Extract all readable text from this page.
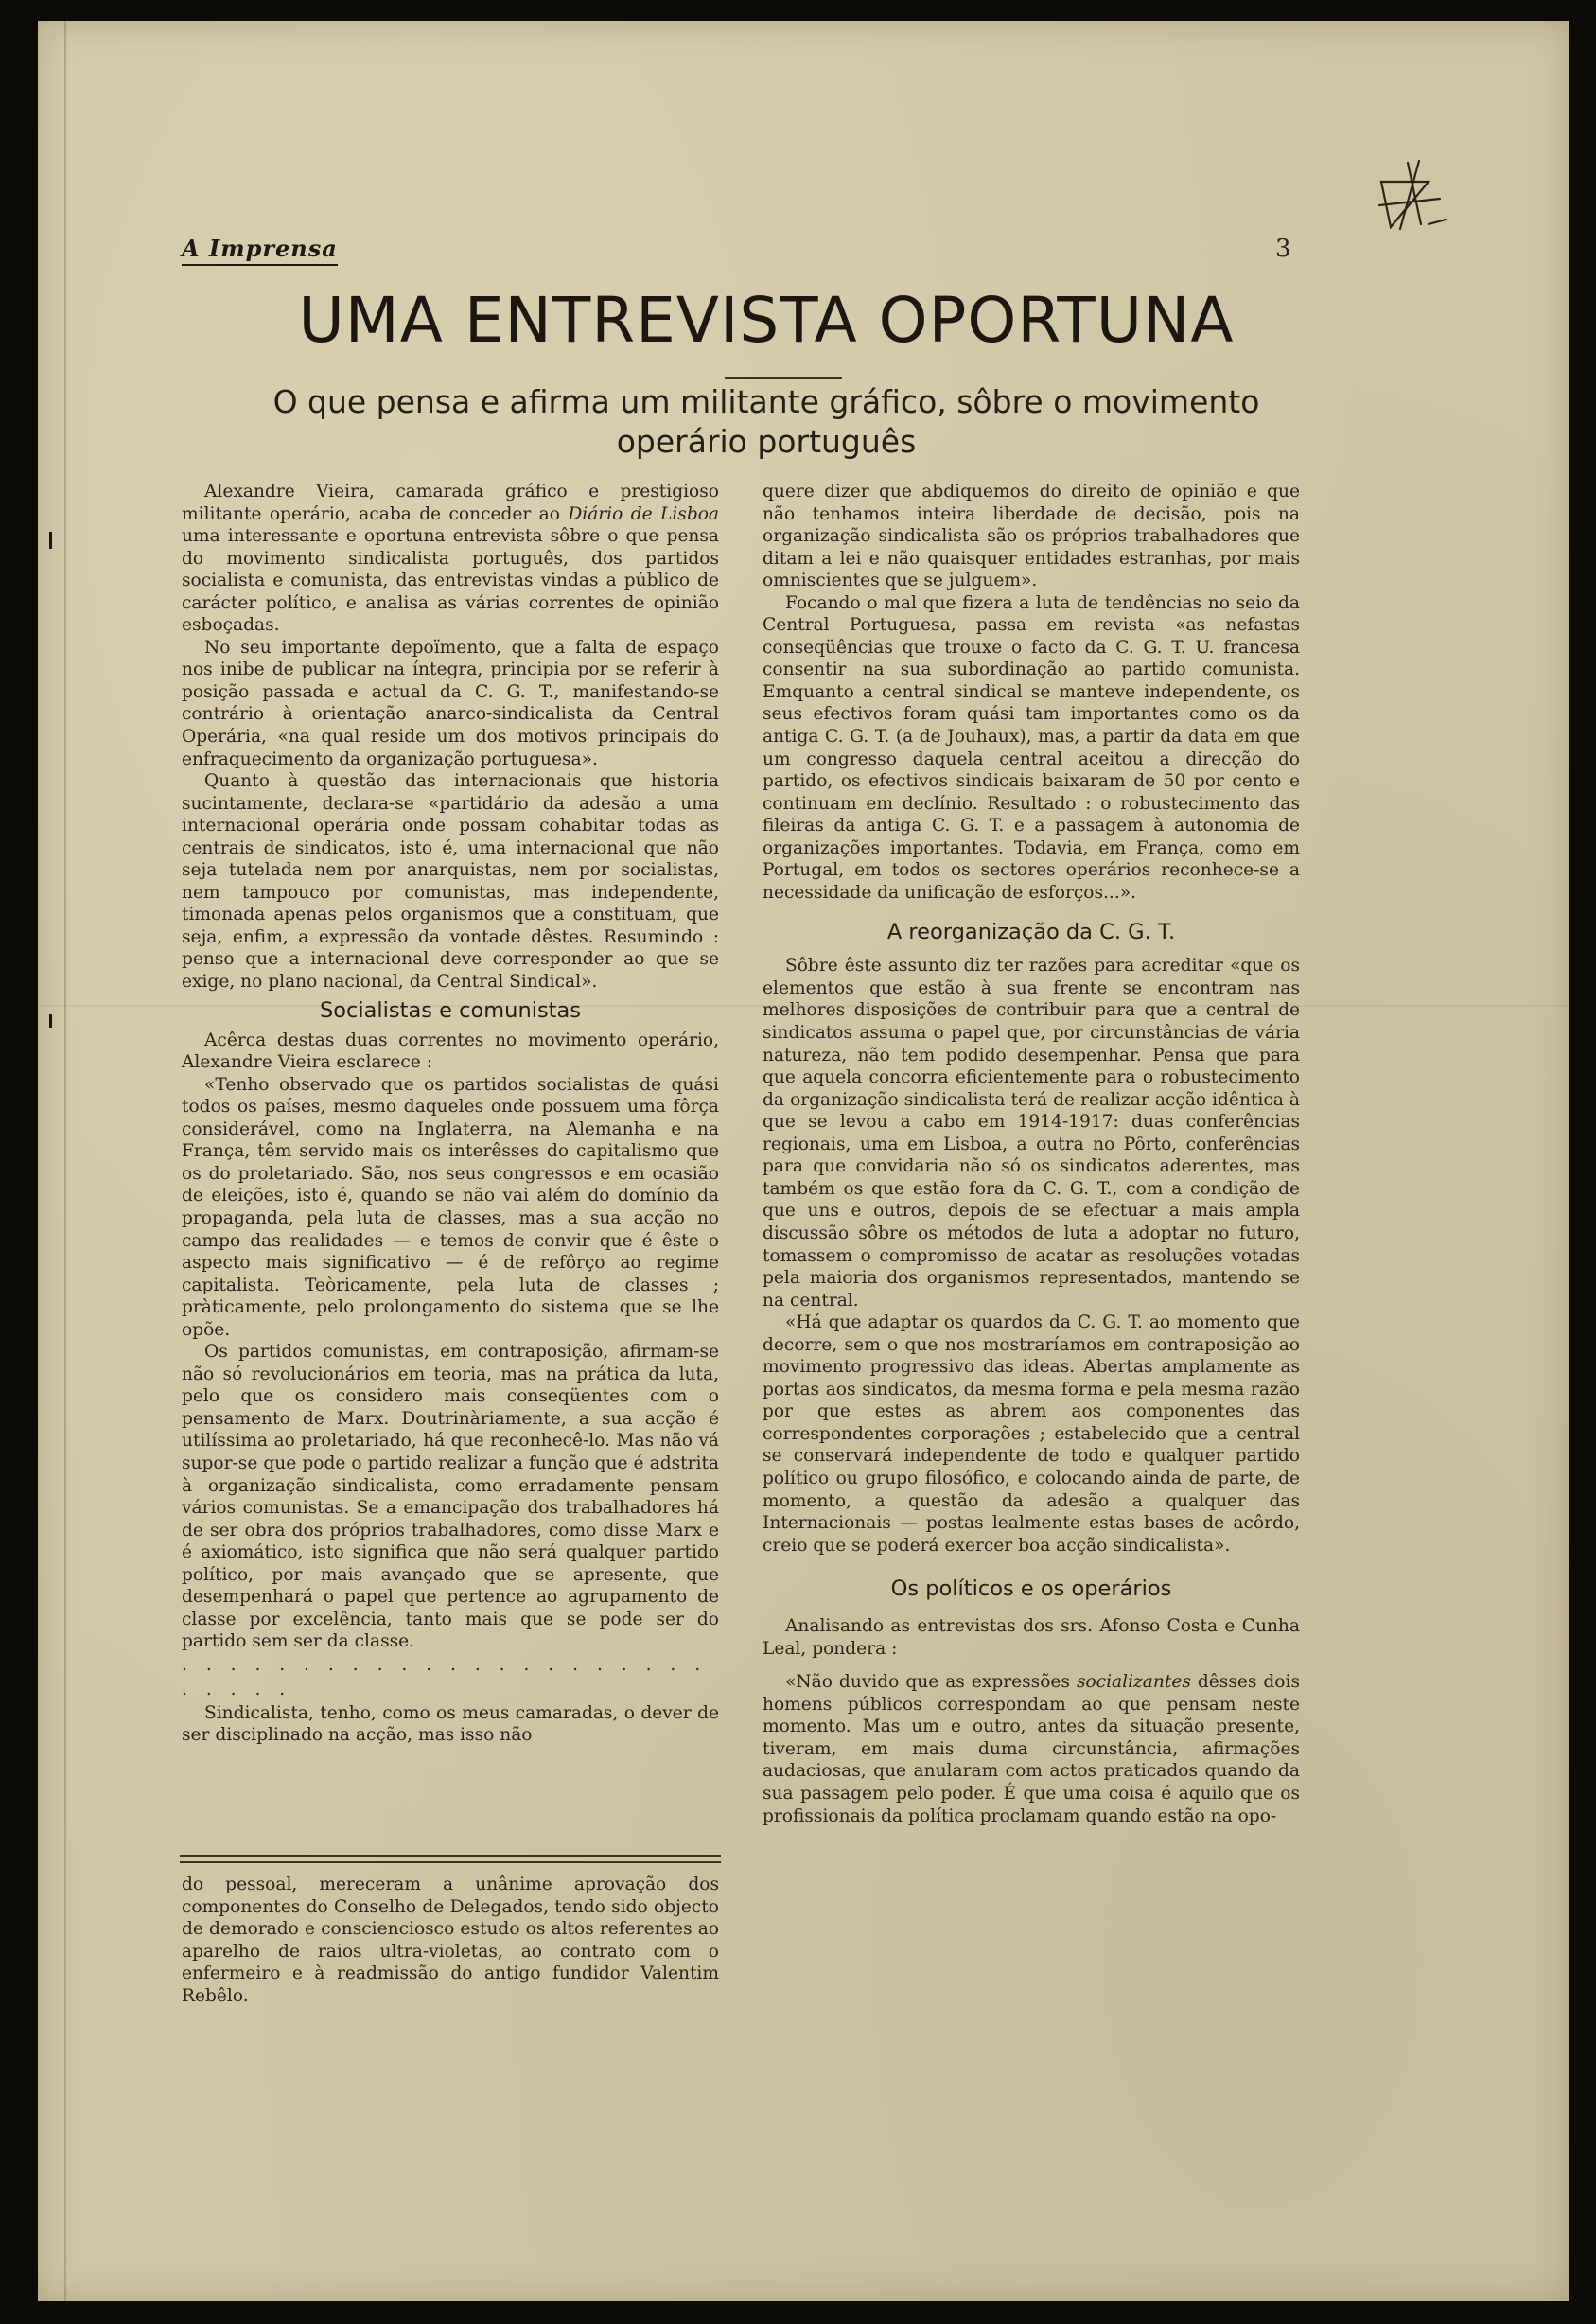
A Imprensa	3
UMA ENTREVISTA OPORTUNA
O que pensa e afirma um militante gráfico, sôbre o movimento operário português

Alexandre Vieira, camarada gráfico e prestigioso militante operário, acaba de conceder ao Diário de Lisboa uma interessante e oportuna entrevista sôbre o que pensa do movimento sindicalista português, dos partidos socialista e comunista, das entrevistas vindas a público de carácter político, e analisa as várias correntes de opinião esboçadas.

No seu importante depoïmento, que a falta de espaço nos inibe de publicar na íntegra, principia por se referir à posição passada e actual da C. G. T., manifestando-se contrário à orientação anarco-sindicalista da Central Operária, «na qual reside um dos motivos principais do enfraquecimento da organização portuguesa».

Quanto à questão das internacionais que historia sucintamente, declara-se «partidário da adesão a uma internacional operária onde possam cohabitar todas as centrais de sindicatos, isto é, uma internacional que não seja tutelada nem por anarquistas, nem por socialistas, nem tampouco por comunistas, mas independente, timonada apenas pelos organismos que a constituam, que seja, enfim, a expressão da vontade dêstes. Resumindo : penso que a internacional deve corresponder ao que se exige, no plano nacional, da Central Sindical».

Socialistas e comunistas

Acêrca destas duas correntes no movimento operário, Alexandre Vieira esclarece :

«Tenho observado que os partidos socialistas de quási todos os países, mesmo daqueles onde possuem uma fôrça considerável, como na Inglaterra, na Alemanha e na França, têm servido mais os interêsses do capitalismo que os do proletariado. São, nos seus congressos e em ocasião de eleições, isto é, quando se não vai além do domínio da propaganda, pela luta de classes, mas a sua acção no campo das realidades — e temos de convir que é êste o aspecto mais significativo — é de refôrço ao regime capitalista. Teòricamente, pela luta de classes ; pràticamente, pelo prolongamento do sistema que se lhe opõe.

Os partidos comunistas, em contraposição, afirmam-se não só revolucionários em teoria, mas na prática da luta, pelo que os considero mais conseqüentes com o pensamento de Marx. Doutrinàriamente, a sua acção é utilíssima ao proletariado, há que reconhecê-lo. Mas não vá supor-se que pode o partido realizar a função que é adstrita à organização sindicalista, como erradamente pensam vários comunistas. Se a emancipação dos trabalhadores há de ser obra dos próprios trabalhadores, como disse Marx e é axiomático, isto significa que não será qualquer partido político, por mais avançado que se apresente, que desempenhará o papel que pertence ao agrupamento de classe por excelência, tanto mais que se pode ser do partido sem ser da classe.

. . . . . . . . . . . . . . . . . . . . . . . . . . .

Sindicalista, tenho, como os meus camaradas, o dever de ser disciplinado na acção, mas isso não

do pessoal, mereceram a unânime aprovação dos componentes do Conselho de Delegados, tendo sido objecto de demorado e conscienciosco estudo os altos referentes ao aparelho de raios ultra-violetas, ao contrato com o enfermeiro e à readmissão do antigo fundidor Valentim Rebêlo.

quere dizer que abdiquemos do direito de opinião e que não tenhamos inteira liberdade de decisão, pois na organização sindicalista são os próprios trabalhadores que ditam a lei e não quaisquer entidades estranhas, por mais omniscientes que se julguem».

Focando o mal que fizera a luta de tendências no seio da Central Portuguesa, passa em revista «as nefastas conseqüências que trouxe o facto da C. G. T. U. francesa consentir na sua subordinação ao partido comunista. Emquanto a central sindical se manteve independente, os seus efectivos foram quási tam importantes como os da antiga C. G. T. (a de Jouhaux), mas, a partir da data em que um congresso daquela central aceitou a direcção do partido, os efectivos sindicais baixaram de 50 por cento e continuam em declínio. Resultado : o robustecimento das fileiras da antiga C. G. T. e a passagem à autonomia de organizações importantes. Todavia, em França, como em Portugal, em todos os sectores operários reconhece-se a necessidade da unificação de esforços...».

A reorganização da C. G. T.

Sôbre êste assunto diz ter razões para acreditar «que os elementos que estão à sua frente se encontram nas melhores disposições de contribuir para que a central de sindicatos assuma o papel que, por circunstâncias de vária natureza, não tem podido desempenhar. Pensa que para que aquela concorra eficientemente para o robustecimento da organização sindicalista terá de realizar acção idêntica à que se levou a cabo em 1914-1917: duas conferências regionais, uma em Lisboa, a outra no Pôrto, conferências para que convidaria não só os sindicatos aderentes, mas também os que estão fora da C. G. T., com a condição de que uns e outros, depois de se efectuar a mais ampla discussão sôbre os métodos de luta a adoptar no futuro, tomassem o compromisso de acatar as resoluções votadas pela maioria dos organismos representados, mantendo se na central.

«Há que adaptar os quardos da C. G. T. ao momento que decorre, sem o que nos mostraríamos em contraposição ao movimento progressivo das ideas. Abertas amplamente as portas aos sindicatos, da mesma forma e pela mesma razão por que estes as abrem aos componentes das correspondentes corporações ; estabelecido que a central se conservará independente de todo e qualquer partido político ou grupo filosófico, e colocando ainda de parte, de momento, a questão da adesão a qualquer das Internacionais — postas lealmente estas bases de acôrdo, creio que se poderá exercer boa acção sindicalista».

Os políticos e os operários

Analisando as entrevistas dos srs. Afonso Costa e Cunha Leal, pondera :

«Não duvido que as expressões socializantes dêsses dois homens públicos correspondam ao que pensam neste momento. Mas um e outro, antes da situação presente, tiveram, em mais duma circunstância, afirmações audaciosas, que anularam com actos praticados quando da sua passagem pelo poder. É que uma coisa é aquilo que os profissionais da política proclamam quando estão na opo-
